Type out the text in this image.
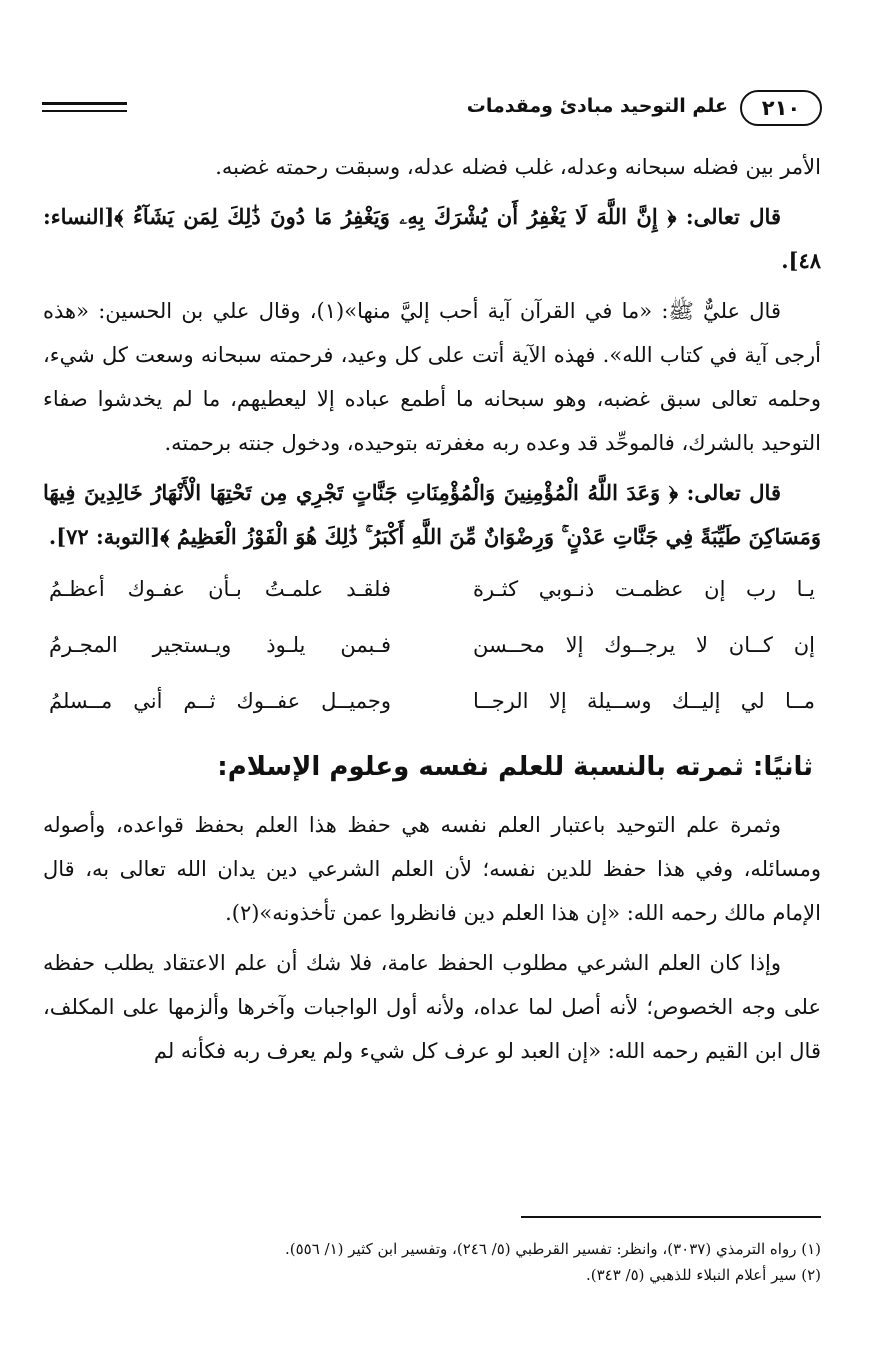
٢١٠
علم التوحيد مبادئ ومقدمات

الأمر بين فضله سبحانه وعدله، غلب فضله عدله، وسبقت رحمته غضبه.

قال تعالى: ﴿ إِنَّ اللَّهَ لَا يَغْفِرُ أَن يُشْرَكَ بِهِۦ وَيَغْفِرُ مَا دُونَ ذَٰلِكَ لِمَن يَشَآءُ ﴾[النساء: ٤٨].

قال عليٌّ ﷺ: «ما في القرآن آية أحب إليَّ منها»(١)، وقال علي بن الحسين: «هذه أرجى آية في كتاب الله». فهذه الآية أتت على كل وعيد، فرحمته سبحانه وسعت كل شيء، وحلمه تعالى سبق غضبه، وهو سبحانه ما أطمع عباده إلا ليعطيهم، ما لم يخدشوا صفاء التوحيد بالشرك، فالموحِّد قد وعده ربه مغفرته بتوحيده، ودخول جنته برحمته.

قال تعالى: ﴿ وَعَدَ اللَّهُ الْمُؤْمِنِينَ وَالْمُؤْمِنَاتِ جَنَّاتٍ تَجْرِي مِن تَحْتِهَا الْأَنْهَارُ خَالِدِينَ فِيهَا وَمَسَاكِنَ طَيِّبَةً فِي جَنَّاتِ عَدْنٍ ۚ وَرِضْوَانٌ مِّنَ اللَّهِ أَكْبَرُ ۚ ذَٰلِكَ هُوَ الْفَوْزُ الْعَظِيمُ ﴾[التوبة: ٧٢].

يـا رب إن عظمـت ذنـوبي كثـرة
فلقـد علمـتُ بـأن عفـوك أعظـمُ
إن كــان لا يرجــوك إلا محــسن
فـبمن يلـوذ ويـستجير المجـرمُ
مــا لي إليــك وســيلة إلا الرجــا
وجميــل عفــوك ثــم أني مــسلمُ
ثانيًا: ثمرته بالنسبة للعلم نفسه وعلوم الإسلام:

وثمرة علم التوحيد باعتبار العلم نفسه هي حفظ هذا العلم بحفظ قواعده، وأصوله ومسائله، وفي هذا حفظ للدين نفسه؛ لأن العلم الشرعي دين يدان الله تعالى به، قال الإمام مالك رحمه الله: «إن هذا العلم دين فانظروا عمن تأخذونه»(٢).

وإذا كان العلم الشرعي مطلوب الحفظ عامة، فلا شك أن علم الاعتقاد يطلب حفظه على وجه الخصوص؛ لأنه أصل لما عداه، ولأنه أول الواجبات وآخرها وألزمها على المكلف، قال ابن القيم رحمه الله: «إن العبد لو عرف كل شيء ولم يعرف ربه فكأنه لم

(١) رواه الترمذي (٣٠٣٧)، وانظر: تفسير القرطبي (٥/ ٢٤٦)، وتفسير ابن كثير (١/ ٥٥٦).

(٢) سير أعلام النبلاء للذهبي (٥/ ٣٤٣).
